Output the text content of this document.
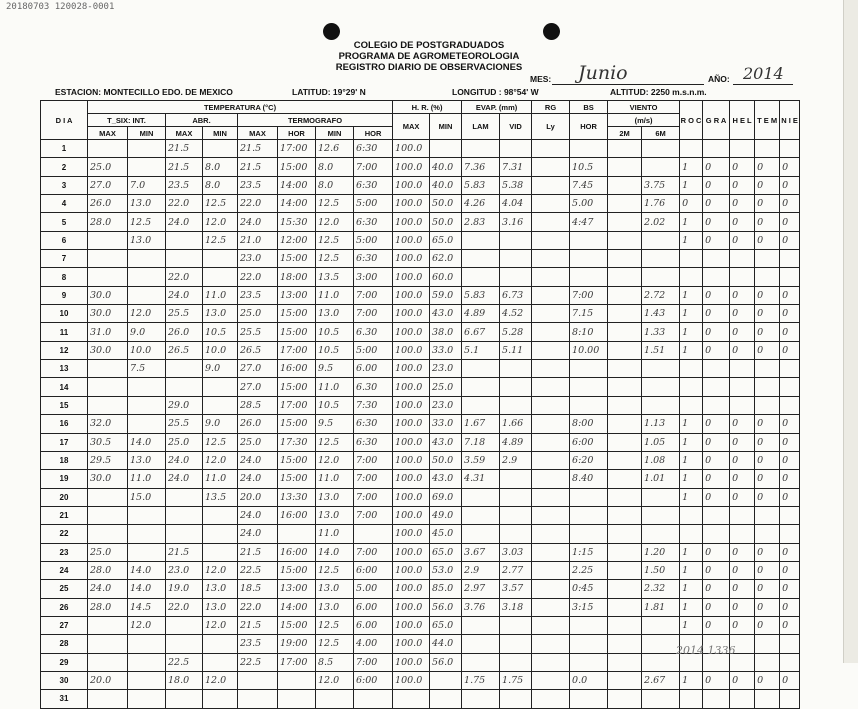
20180703 120028-0001
COLEGIO DE POSTGRADUADOS
PROGRAMA DE AGROMETEOROLOGIA
REGISTRO DIARIO DE OBSERVACIONES
MES: Junio	AÑO: 2014
ESTACION: MONTECILLO EDO. DE MEXICO	LATITUD: 19°29' N	LONGITUD : 98°54' W	ALTITUD: 2250 m.s.n.m.
D I A	TEMPERATURA (°C)								H. R. (%)		EVAP. (mm)		RG	BS	VIENTO		R O C	G R A	H E L	T E M	N I E
	T_SIX: INT.		ABR.		TERMOGRAFO				MAX	MIN	LAM	VID	Ly	HOR	(m/s)						
	MAX	MIN	MAX	MIN	MAX	HOR	MIN	HOR							2M	6M					
1			21.5		21.5	17:00	12.6	6:30	100.0												
2	25.0		21.5	8.0	21.5	15:00	8.0	7:00	100.0	40.0	7.36	7.31		10.5			1	0	0	0	0
3	27.0	7.0	23.5	8.0	23.5	14:00	8.0	6:30	100.0	40.0	5.83	5.38		7.45		3.75	1	0	0	0	0
4	26.0	13.0	22.0	12.5	22.0	14:00	12.5	5:00	100.0	50.0	4.26	4.04		5.00		1.76	0	0	0	0	0
5	28.0	12.5	24.0	12.0	24.0	15:30	12.0	6:30	100.0	50.0	2.83	3.16		4:47		2.02	1	0	0	0	0
6		13.0		12.5	21.0	12:00	12.5	5:00	100.0	65.0							1	0	0	0	0
7					23.0	15:00	12.5	6:30	100.0	62.0											
8			22.0		22.0	18:00	13.5	3:00	100.0	60.0											
9	30.0		24.0	11.0	23.5	13:00	11.0	7:00	100.0	59.0	5.83	6.73		7:00		2.72	1	0	0	0	0
10	30.0	12.0	25.5	13.0	25.0	15:00	13.0	7:00	100.0	43.0	4.89	4.52		7.15		1.43	1	0	0	0	0
11	31.0	9.0	26.0	10.5	25.5	15:00	10.5	6.30	100.0	38.0	6.67	5.28		8:10		1.33	1	0	0	0	0
12	30.0	10.0	26.5	10.0	26.5	17:00	10.5	5:00	100.0	33.0	5.1	5.11		10.00		1.51	1	0	0	0	0
13		7.5		9.0	27.0	16:00	9.5	6.00	100.0	23.0											
14					27.0	15:00	11.0	6.30	100.0	25.0											
15			29.0		28.5	17:00	10.5	7:30	100.0	23.0											
16	32.0		25.5	9.0	26.0	15:00	9.5	6:30	100.0	33.0	1.67	1.66		8:00		1.13	1	0	0	0	0
17	30.5	14.0	25.0	12.5	25.0	17:30	12.5	6:30	100.0	43.0	7.18	4.89		6:00		1.05	1	0	0	0	0
18	29.5	13.0	24.0	12.0	24.0	15:00	12.0	7:00	100.0	50.0	3.59	2.9		6:20		1.08	1	0	0	0	0
19	30.0	11.0	24.0	11.0	24.0	15:00	11.0	7:00	100.0	43.0	4.31			8.40		1.01	1	0	0	0	0
20		15.0		13.5	20.0	13:30	13.0	7:00	100.0	69.0							1	0	0	0	0
21					24.0	16:00	13.0	7:00	100.0	49.0											
22					24.0		11.0		100.0	45.0											
23	25.0		21.5		21.5	16:00	14.0	7:00	100.0	65.0	3.67	3.03		1:15		1.20	1	0	0	0	0
24	28.0	14.0	23.0	12.0	22.5	15:00	12.5	6:00	100.0	53.0	2.9	2.77		2.25		1.50	1	0	0	0	0
25	24.0	14.0	19.0	13.0	18.5	13:00	13.0	5.00	100.0	85.0	2.97	3.57		0:45		2.32	1	0	0	0	0
26	28.0	14.5	22.0	13.0	22.0	14:00	13.0	6.00	100.0	56.0	3.76	3.18		3:15		1.81	1	0	0	0	0
27		12.0		12.0	21.5	15:00	12.5	6.00	100.0	65.0							1	0	0	0	0
28					23.5	19:00	12.5	4.00	100.0	44.0											
29			22.5		22.5	17:00	8.5	7:00	100.0	56.0											
30	20.0		18.0	12.0			12.0	6:00	100.0		1.75	1.75		0.0		2.67	1	0	0	0	0
31																					
2014 1336
